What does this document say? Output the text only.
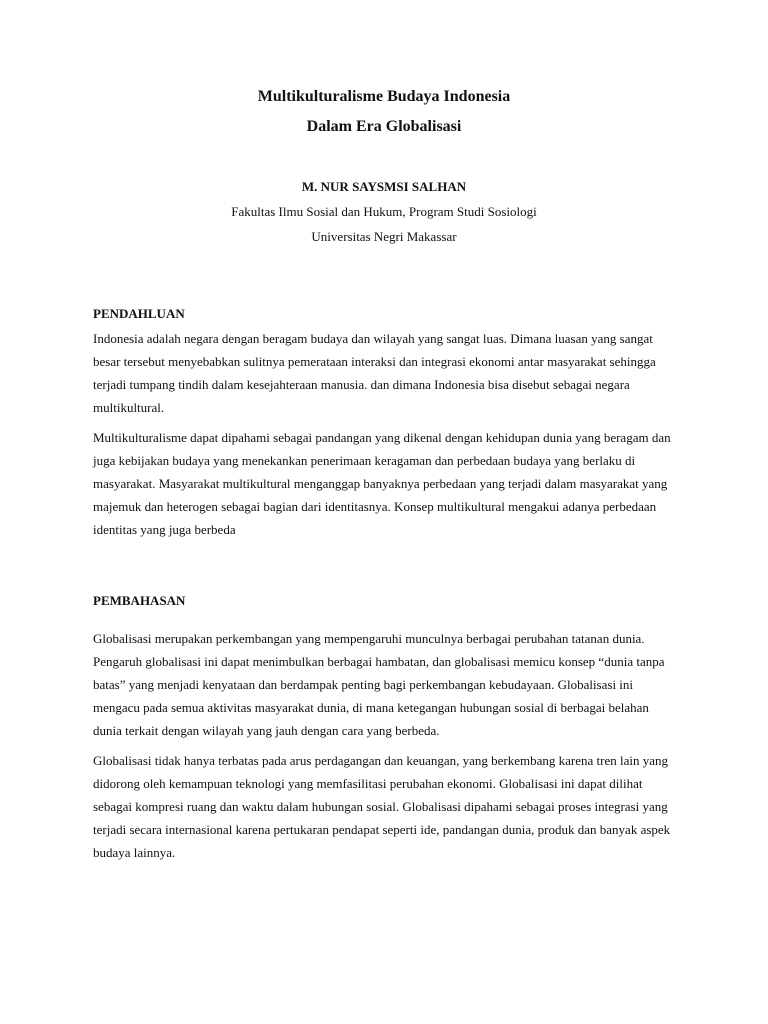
Multikulturalisme Budaya Indonesia

Dalam Era Globalisasi

M. NUR SAYSMSI SALHAN

Fakultas Ilmu Sosial dan Hukum, Program Studi Sosiologi

Universitas Negri Makassar

PENDAHLUAN

Indonesia adalah negara dengan beragam budaya dan wilayah yang sangat luas. Dimana luasan yang sangat besar tersebut menyebabkan sulitnya pemerataan interaksi dan integrasi ekonomi antar masyarakat sehingga terjadi tumpang tindih dalam kesejahteraan manusia. dan dimana Indonesia bisa disebut sebagai negara multikultural.

Multikulturalisme dapat dipahami sebagai pandangan yang dikenal dengan kehidupan dunia yang beragam dan juga kebijakan budaya yang menekankan penerimaan keragaman dan perbedaan budaya yang berlaku di masyarakat. Masyarakat multikultural menganggap banyaknya perbedaan yang terjadi dalam masyarakat yang majemuk dan heterogen sebagai bagian dari identitasnya. Konsep multikultural mengakui adanya perbedaan identitas yang juga berbeda

PEMBAHASAN

Globalisasi merupakan perkembangan yang mempengaruhi munculnya berbagai perubahan tatanan dunia. Pengaruh globalisasi ini dapat menimbulkan berbagai hambatan, dan globalisasi memicu konsep “dunia tanpa batas” yang menjadi kenyataan dan berdampak penting bagi perkembangan kebudayaan. Globalisasi ini mengacu pada semua aktivitas masyarakat dunia, di mana ketegangan hubungan sosial di berbagai belahan dunia terkait dengan wilayah yang jauh dengan cara yang berbeda.

Globalisasi tidak hanya terbatas pada arus perdagangan dan keuangan, yang berkembang karena tren lain yang didorong oleh kemampuan teknologi yang memfasilitasi perubahan ekonomi. Globalisasi ini dapat dilihat sebagai kompresi ruang dan waktu dalam hubungan sosial. Globalisasi dipahami sebagai proses integrasi yang terjadi secara internasional karena pertukaran pendapat seperti ide, pandangan dunia, produk dan banyak aspek budaya lainnya.
